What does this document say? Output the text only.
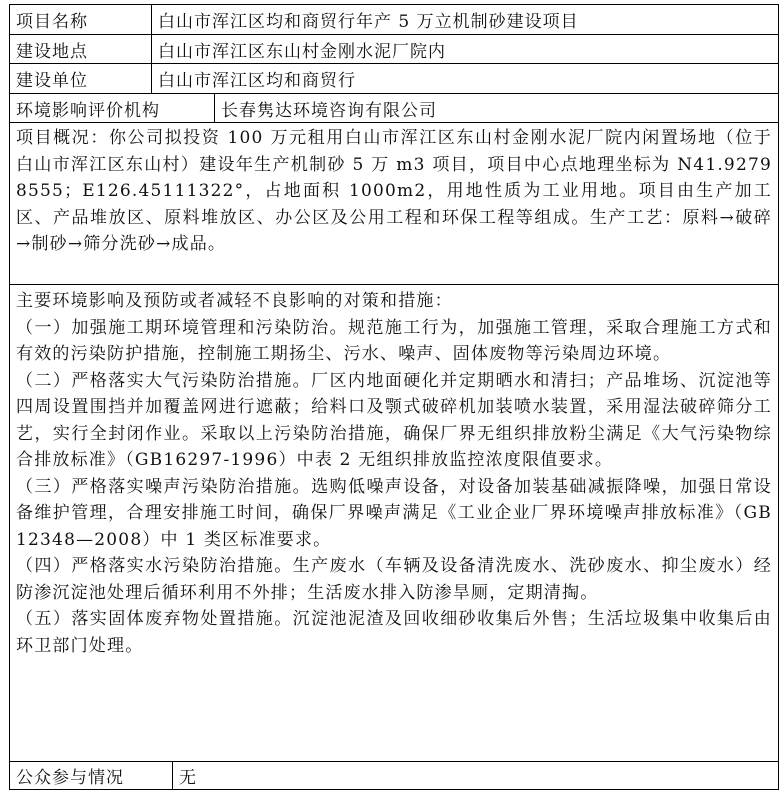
项目名称	白山市浑江区均和商贸行年产 5 万立机制砂建设项目
建设地点	白山市浑江区东山村金刚水泥厂院内
建设单位	白山市浑江区均和商贸行
环境影响评价机构	长春隽达环境咨询有限公司

项目概况：你公司拟投资 100 万元租用白山市浑江区东山村金刚水泥厂院内闲置场地（位于白山市浑江区东山村）建设年生产机制砂 5 万 m3 项目，项目中心点地理坐标为 N41.92798555；E126.45111322°，占地面积 1000m2，用地性质为工业用地。项目由生产加工区、产品堆放区、原料堆放区、办公区及公用工程和环保工程等组成。生产工艺：原料→破碎→制砂→筛分洗砂→成品。

主要环境影响及预防或者减轻不良影响的对策和措施：

（一）加强施工期环境管理和污染防治。规范施工行为，加强施工管理，采取合理施工方式和有效的污染防护措施，控制施工期扬尘、污水、噪声、固体废物等污染周边环境。

（二）严格落实大气污染防治措施。厂区内地面硬化并定期晒水和清扫；产品堆场、沉淀池等四周设置围挡并加覆盖网进行遮蔽；给料口及颚式破碎机加装喷水装置，采用湿法破碎筛分工艺，实行全封闭作业。采取以上污染防治措施，确保厂界无组织排放粉尘满足《大气污染物综合排放标准》（GB16297-1996）中表 2 无组织排放监控浓度限值要求。

（三）严格落实噪声污染防治措施。选购低噪声设备，对设备加装基础减振降噪，加强日常设备维护管理，合理安排施工时间，确保厂界噪声满足《工业企业厂界环境噪声排放标准》（GB12348—2008）中 1 类区标准要求。

（四）严格落实水污染防治措施。生产废水（车辆及设备清洗废水、洗砂废水、抑尘废水）经防渗沉淀池处理后循环利用不外排；生活废水排入防渗旱厕，定期清掏。

（五）落实固体废弃物处置措施。沉淀池泥渣及回收细砂收集后外售；生活垃圾集中收集后由环卫部门处理。

公众参与情况	无
